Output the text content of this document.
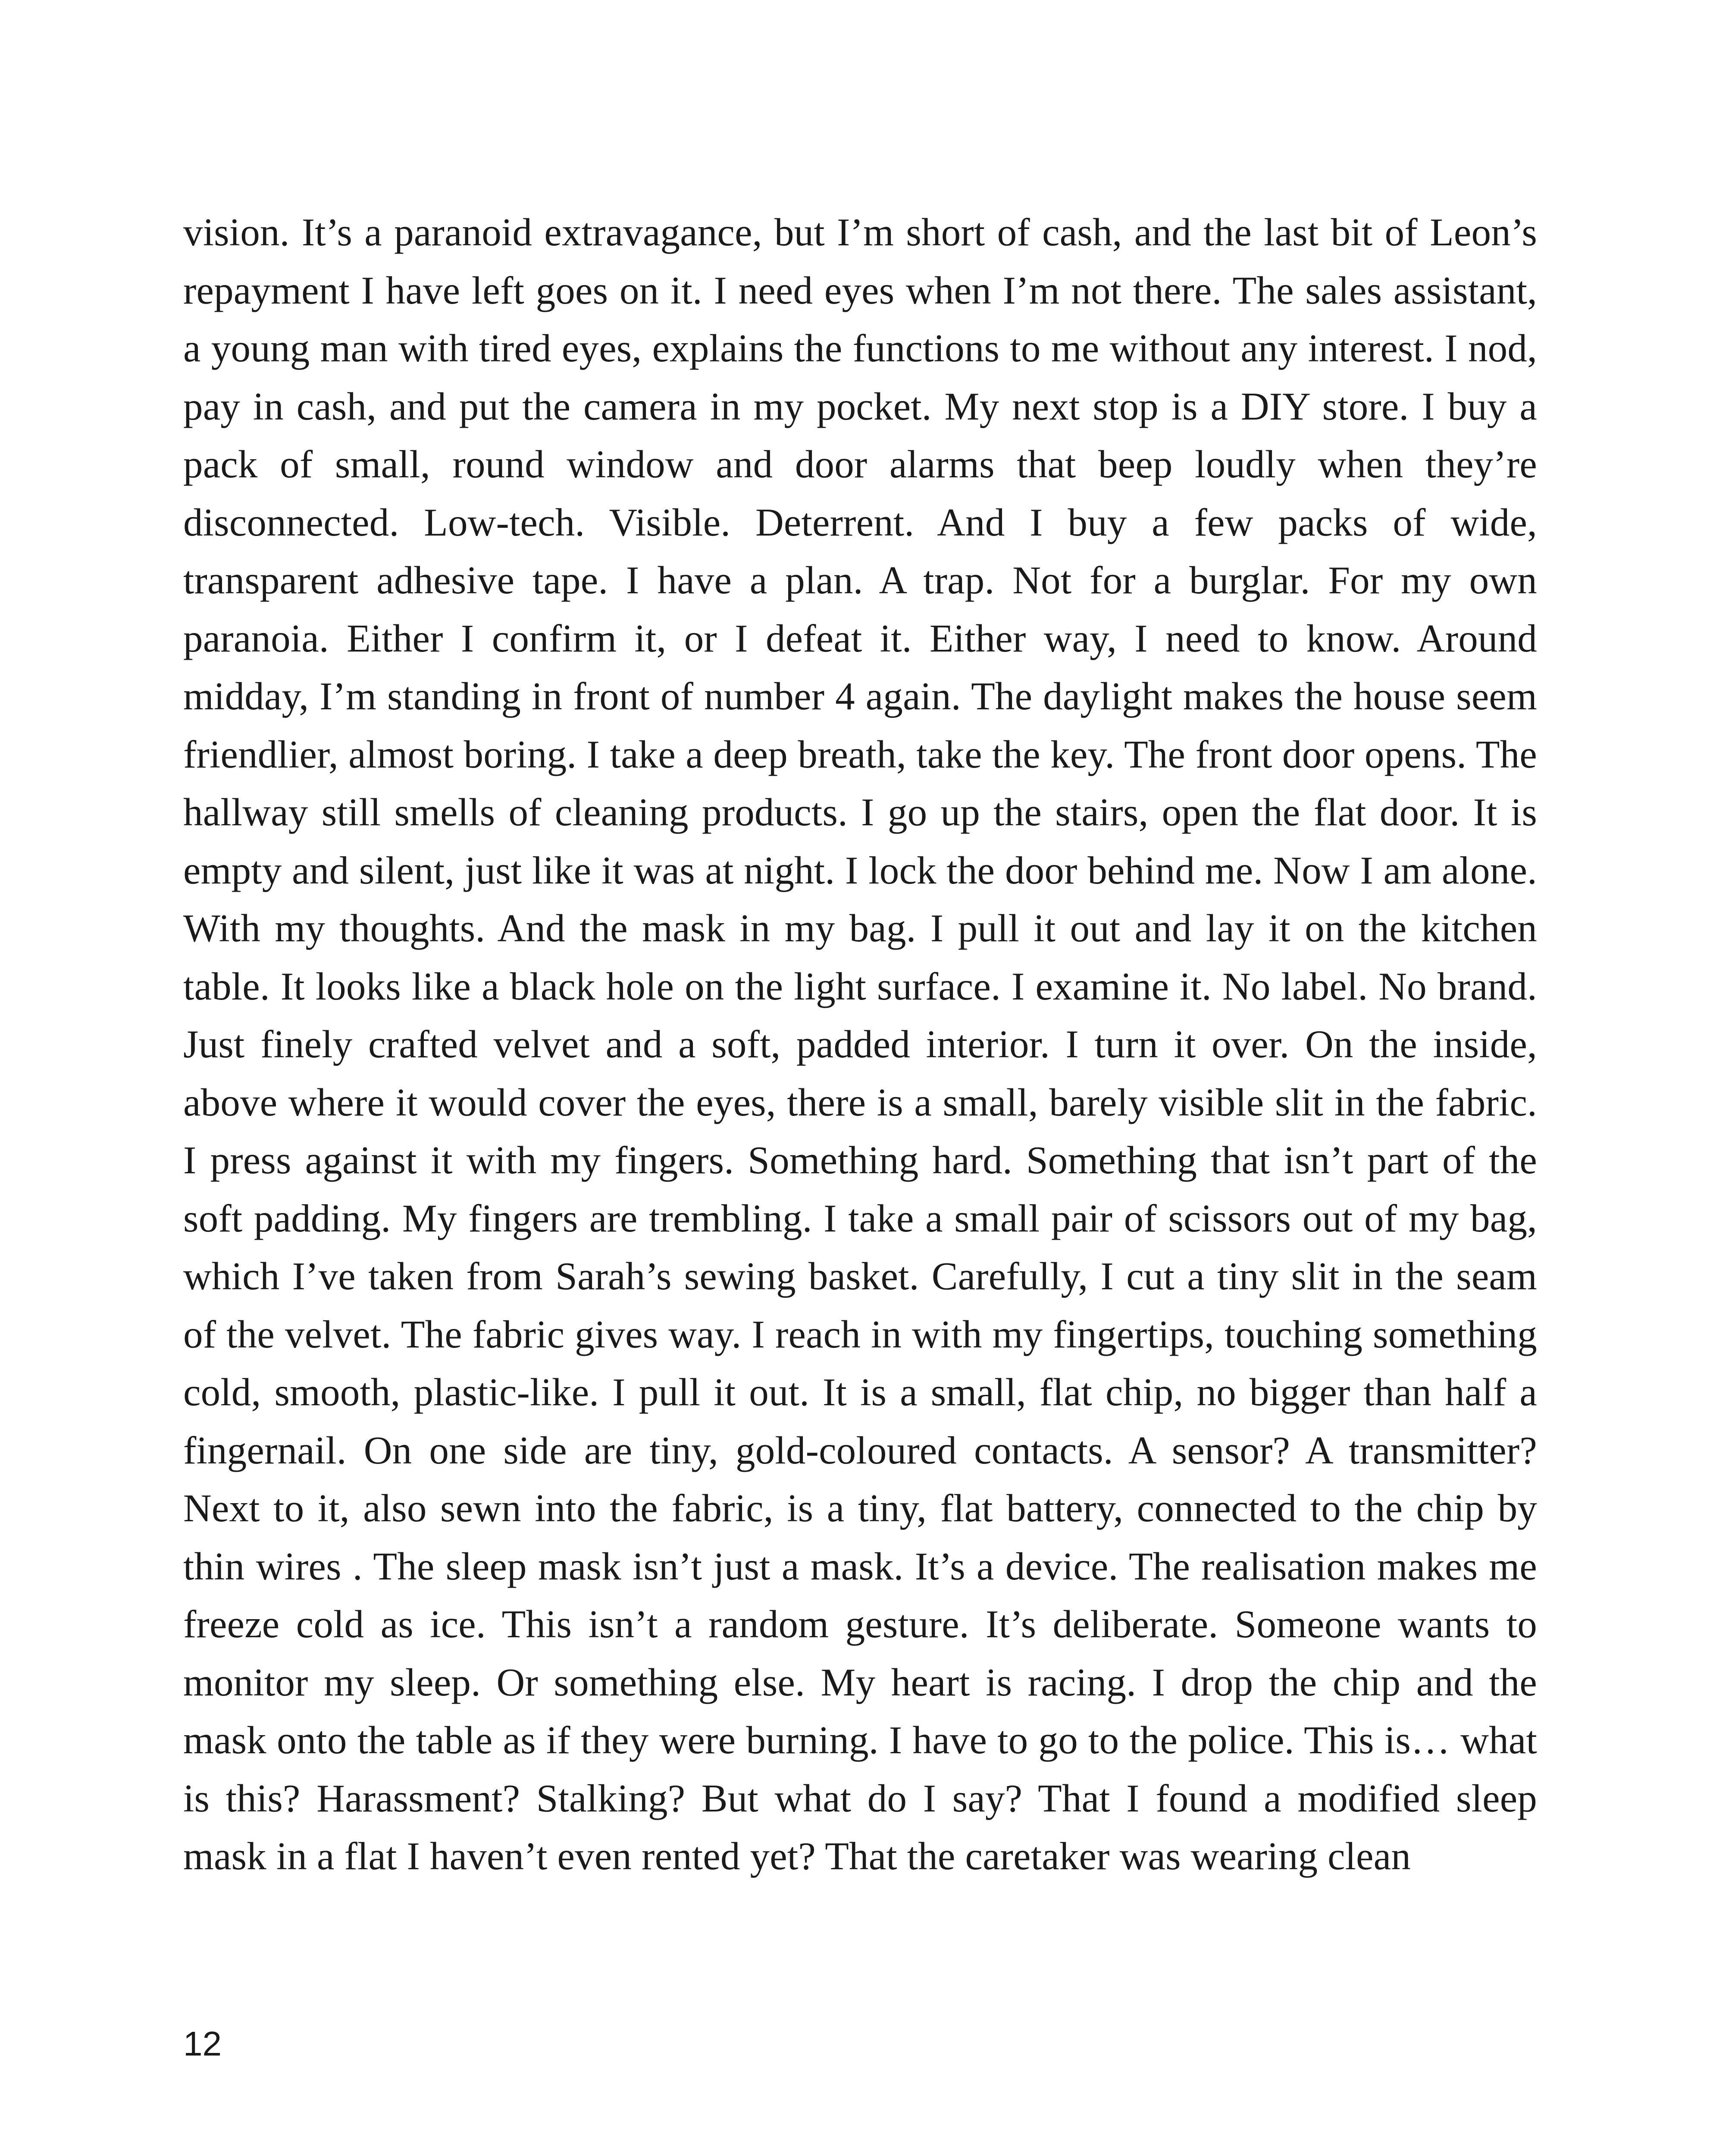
vision. It’s a paranoid extravagance, but I’m short of cash, and the last bit of Leon’s repayment I have left goes on it. I need eyes when I’m not there. The sales assistant, a young man with tired eyes, explains the functions to me without any interest. I nod, pay in cash, and put the camera in my pocket. My next stop is a DIY store. I buy a pack of small, round window and door alarms that beep loudly when they’re disconnected. Low-tech. Visible. Deterrent. And I buy a few packs of wide, transparent adhesive tape. I have a plan. A trap. Not for a burglar. For my own paranoia. Either I confirm it, or I defeat it. Either way, I need to know. Around midday, I’m standing in front of number 4 again. The daylight makes the house seem friendlier, almost boring. I take a deep breath, take the key. The front door opens. The hallway still smells of cleaning products. I go up the stairs, open the flat door. It is empty and silent, just like it was at night. I lock the door behind me. Now I am alone. With my thoughts. And the mask in my bag. I pull it out and lay it on the kitchen table. It looks like a black hole on the light surface. I examine it. No label. No brand. Just finely crafted velvet and a soft, padded interior. I turn it over. On the inside, above where it would cover the eyes, there is a small, barely visible slit in the fabric. I press against it with my fingers. Something hard. Something that isn’t part of the soft padding. My fingers are trembling. I take a small pair of scissors out of my bag, which I’ve taken from Sarah’s sewing basket. Carefully, I cut a tiny slit in the seam of the velvet. The fabric gives way. I reach in with my fingertips, touching something cold, smooth, plastic-like. I pull it out. It is a small, flat chip, no bigger than half a fingernail. On one side are tiny, gold-coloured contacts. A sensor? A transmitter? Next to it, also sewn into the fabric, is a tiny, flat battery, connected to the chip by thin wires . The sleep mask isn’t just a mask. It’s a device. The realisation makes me freeze cold as ice. This isn’t a random gesture. It’s deliberate. Someone wants to monitor my sleep. Or something else. My heart is racing. I drop the chip and the mask onto the table as if they were burning. I have to go to the police. This is… what is this? Harassment? Stalking? But what do I say? That I found a modified sleep mask in a flat I haven’t even rented yet? That the caretaker was wearing clean

12
